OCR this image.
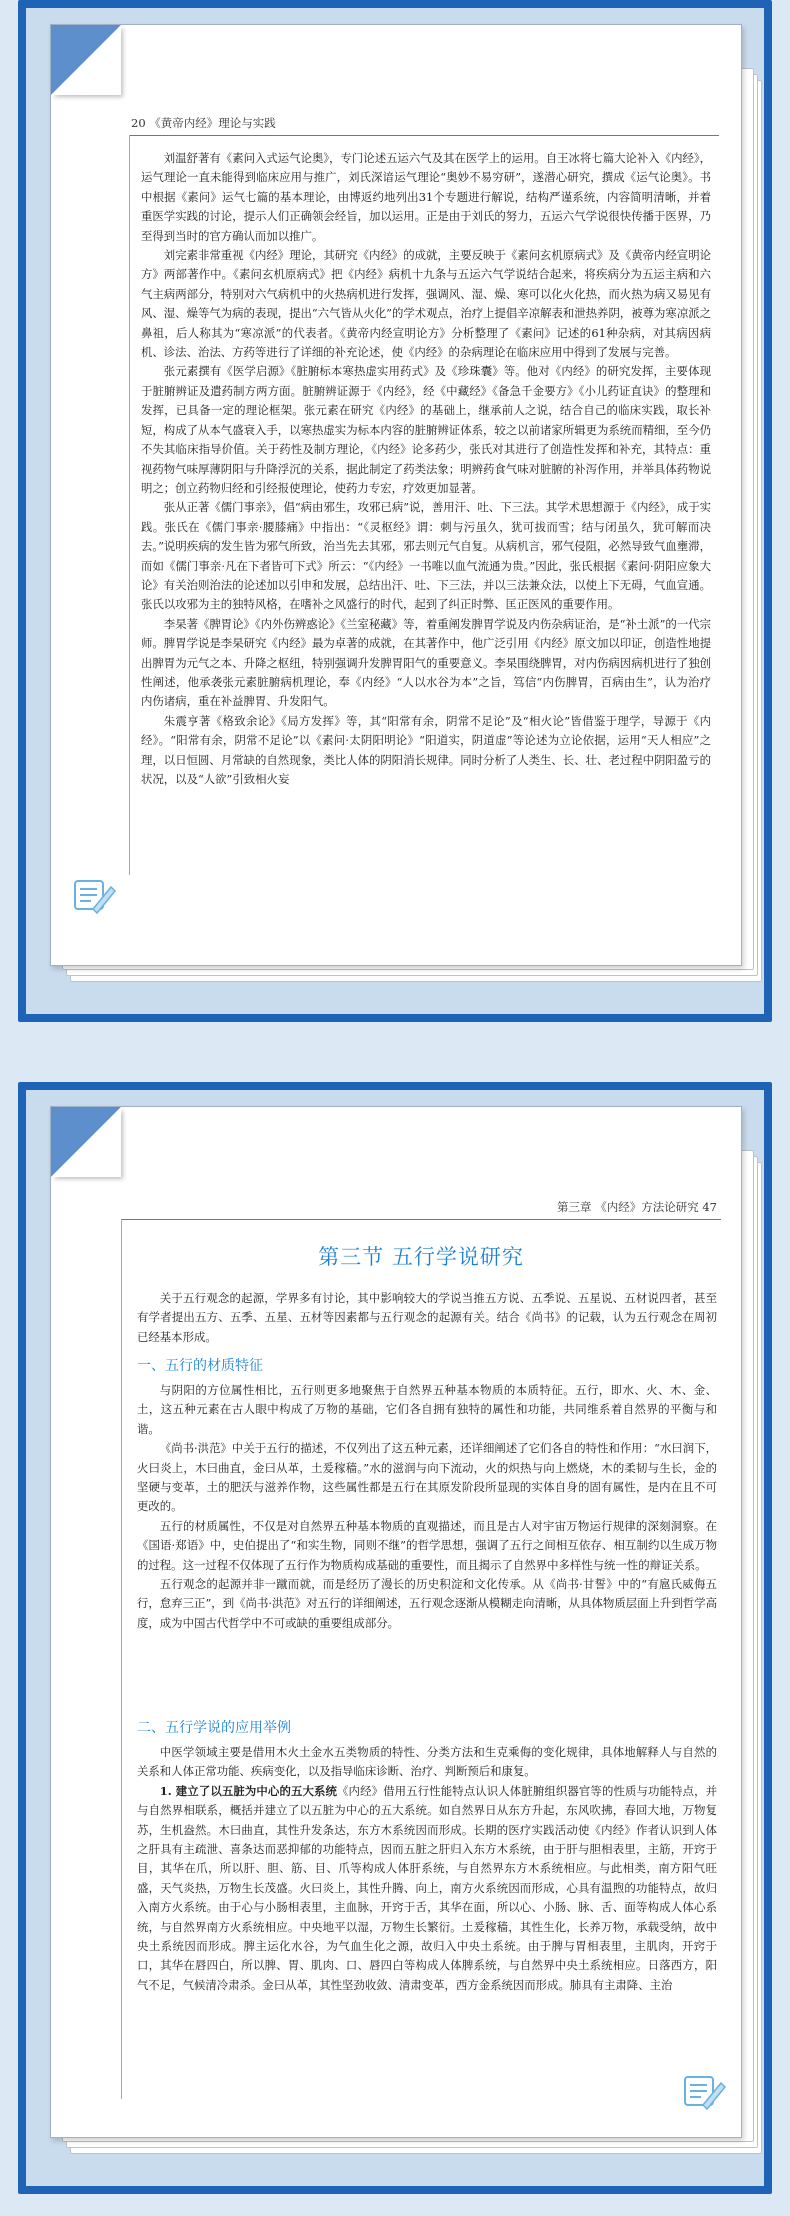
20 《黄帝内经》理论与实践

刘温舒著有《素问入式运气论奥》，专门论述五运六气及其在医学上的运用。自王冰将七篇大论补入《内经》，运气理论一直未能得到临床应用与推广，刘氏深谙运气理论“奥妙不易穷研”，遂潜心研究，撰成《运气论奥》。书中根据《素问》运气七篇的基本理论，由博返约地列出31个专题进行解说，结构严谨系统，内容简明清晰，并着重医学实践的讨论，提示人们正确领会经旨，加以运用。正是由于刘氏的努力，五运六气学说很快传播于医界，乃至得到当时的官方确认而加以推广。

刘完素非常重视《内经》理论，其研究《内经》的成就，主要反映于《素问玄机原病式》及《黄帝内经宣明论方》两部著作中。《素问玄机原病式》把《内经》病机十九条与五运六气学说结合起来，将疾病分为五运主病和六气主病两部分，特别对六气病机中的火热病机进行发挥，强调风、湿、燥、寒可以化火化热，而火热为病又易见有风、湿、燥等气为病的表现，提出“六气皆从火化”的学术观点，治疗上提倡辛凉解表和泄热养阴，被尊为寒凉派之鼻祖，后人称其为“寒凉派”的代表者。《黄帝内经宣明论方》分析整理了《素问》记述的61种杂病，对其病因病机、诊法、治法、方药等进行了详细的补充论述，使《内经》的杂病理论在临床应用中得到了发展与完善。

张元素撰有《医学启源》《脏腑标本寒热虚实用药式》及《珍珠囊》等。他对《内经》的研究发挥，主要体现于脏腑辨证及遣药制方两方面。脏腑辨证源于《内经》，经《中藏经》《备急千金要方》《小儿药证直诀》的整理和发挥，已具备一定的理论框架。张元素在研究《内经》的基础上，继承前人之说，结合自己的临床实践，取长补短，构成了从本气盛衰入手，以寒热虚实为标本内容的脏腑辨证体系，较之以前诸家所辑更为系统而精细，至今仍不失其临床指导价值。关于药性及制方理论，《内经》论多药少，张氏对其进行了创造性发挥和补充，其特点：重视药物气味厚薄阴阳与升降浮沉的关系，据此制定了药类法象；明辨药食气味对脏腑的补泻作用，并举具体药物说明之；创立药物归经和引经报使理论，使药力专宏，疗效更加显著。

张从正著《儒门事亲》，倡“病由邪生，攻邪已病”说，善用汗、吐、下三法。其学术思想源于《内经》，成于实践。张氏在《儒门事亲·腰膝痛》中指出：“《灵枢经》谓：刺与污虽久，犹可拔而雪；结与闭虽久，犹可解而决去。”说明疾病的发生皆为邪气所致，治当先去其邪，邪去则元气自复。从病机言，邪气侵阻，必然导致气血壅滞，而如《儒门事亲·凡在下者皆可下式》所云：“《内经》一书唯以血气流通为贵。”因此，张氏根据《素问·阴阳应象大论》有关治则治法的论述加以引申和发展，总结出汗、吐、下三法，并以三法兼众法，以使上下无碍，气血宣通。张氏以攻邪为主的独特风格，在嗜补之风盛行的时代，起到了纠正时弊、匡正医风的重要作用。

李杲著《脾胃论》《内外伤辨惑论》《兰室秘藏》等，着重阐发脾胃学说及内伤杂病证治，是“补土派”的一代宗师。脾胃学说是李杲研究《内经》最为卓著的成就，在其著作中，他广泛引用《内经》原文加以印证，创造性地提出脾胃为元气之本、升降之枢纽，特别强调升发脾胃阳气的重要意义。李杲围绕脾胃，对内伤病因病机进行了独创性阐述，他承袭张元素脏腑病机理论，奉《内经》“人以水谷为本”之旨，笃信“内伤脾胃，百病由生”，认为治疗内伤诸病，重在补益脾胃、升发阳气。

朱震亨著《格致余论》《局方发挥》等，其“阳常有余，阴常不足论”及“相火论”皆借鉴于理学，导源于《内经》。“阳常有余，阴常不足论”以《素问·太阴阳明论》“阳道实，阴道虚”等论述为立论依据，运用“天人相应”之理，以日恒圆、月常缺的自然现象，类比人体的阴阳消长规律。同时分析了人类生、长、壮、老过程中阴阳盈亏的状况，以及“人欲”引致相火妄

第三章 《内经》方法论研究 47
第三节 五行学说研究

关于五行观念的起源，学界多有讨论，其中影响较大的学说当推五方说、五季说、五星说、五材说四者，甚至有学者提出五方、五季、五星、五材等因素都与五行观念的起源有关。结合《尚书》的记载，认为五行观念在周初已经基本形成。

一、五行的材质特征

与阴阳的方位属性相比，五行则更多地聚焦于自然界五种基本物质的本质特征。五行，即水、火、木、金、土，这五种元素在古人眼中构成了万物的基础，它们各自拥有独特的属性和功能，共同维系着自然界的平衡与和谐。

《尚书·洪范》中关于五行的描述，不仅列出了这五种元素，还详细阐述了它们各自的特性和作用：“水曰润下，火曰炎上，木曰曲直，金曰从革，土爰稼穑。”水的滋润与向下流动，火的炽热与向上燃烧，木的柔韧与生长，金的坚硬与变革，土的肥沃与滋养作物，这些属性都是五行在其原发阶段所显现的实体自身的固有属性，是内在且不可更改的。

五行的材质属性，不仅是对自然界五种基本物质的直观描述，而且是古人对宇宙万物运行规律的深刻洞察。在《国语·郑语》中，史伯提出了“和实生物，同则不继”的哲学思想，强调了五行之间相互依存、相互制约以生成万物的过程。这一过程不仅体现了五行作为物质构成基础的重要性，而且揭示了自然界中多样性与统一性的辩证关系。

五行观念的起源并非一蹴而就，而是经历了漫长的历史积淀和文化传承。从《尚书·甘誓》中的“有扈氏威侮五行，怠弃三正”，到《尚书·洪范》对五行的详细阐述，五行观念逐渐从模糊走向清晰，从具体物质层面上升到哲学高度，成为中国古代哲学中不可或缺的重要组成部分。

二、五行学说的应用举例

中医学领域主要是借用木火土金水五类物质的特性、分类方法和生克乘侮的变化规律，具体地解释人与自然的关系和人体正常功能、疾病变化，以及指导临床诊断、治疗、判断预后和康复。

1. 建立了以五脏为中心的五大系统《内经》借用五行性能特点认识人体脏腑组织器官等的性质与功能特点，并与自然界相联系，概括并建立了以五脏为中心的五大系统。如自然界日从东方升起，东风吹拂，春回大地，万物复苏，生机盎然。木曰曲直，其性升发条达，东方木系统因而形成。长期的医疗实践活动使《内经》作者认识到人体之肝具有主疏泄、喜条达而恶抑郁的功能特点，因而五脏之肝归入东方木系统，由于肝与胆相表里，主筋，开窍于目，其华在爪，所以肝、胆、筋、目、爪等构成人体肝系统，与自然界东方木系统相应。与此相类，南方阳气旺盛，天气炎热，万物生长茂盛。火曰炎上，其性升腾、向上，南方火系统因而形成，心具有温煦的功能特点，故归入南方火系统。由于心与小肠相表里，主血脉，开窍于舌，其华在面，所以心、小肠、脉、舌、面等构成人体心系统，与自然界南方火系统相应。中央地平以湿，万物生长繁衍。土爰稼穑，其性生化，长养万物，承载受纳，故中央土系统因而形成。脾主运化水谷，为气血生化之源，故归入中央土系统。由于脾与胃相表里，主肌肉，开窍于口，其华在唇四白，所以脾、胃、肌肉、口、唇四白等构成人体脾系统，与自然界中央土系统相应。日落西方，阳气不足，气候清冷肃杀。金曰从革，其性坚劲收敛、清肃变革，西方金系统因而形成。肺具有主肃降、主治
